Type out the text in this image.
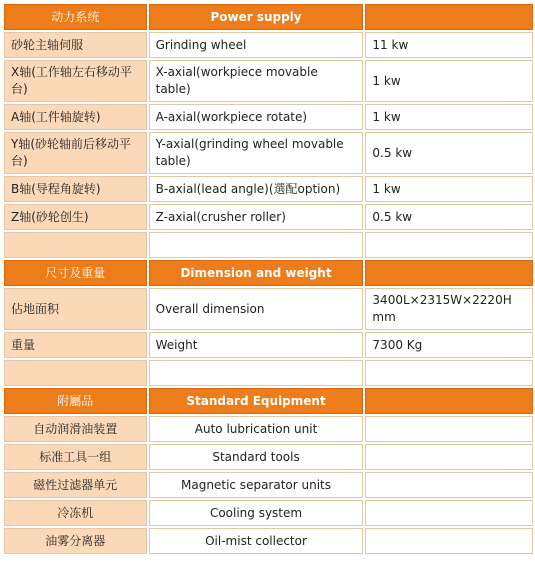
动力系统	Power supply	
砂轮主轴伺服	Grinding wheel	11 kw
X轴(工作轴左右移动平台)	X-axial(workpiece movable table)	1 kw
A轴(工件轴旋转)	A-axial(workpiece rotate)	1 kw
Y轴(砂轮轴前后移动平台)	Y-axial(grinding wheel movable table)	0.5 kw
B轴(导程角旋转)	B-axial(lead angle)(選配option)	1 kw
Z轴(砂轮创生)	Z-axial(crusher roller)	0.5 kw

尺寸及重量	Dimension and weight	
佔地面积	Overall dimension	3400L×2315W×2220H mm
重量	Weight	7300 Kg

附屬品	Standard Equipment	
自动润滑油装置	Auto lubrication unit	
标准工具一组	Standard tools	
磁性过滤器单元	Magnetic separator units	
冷冻机	Cooling system	
油雾分离器	Oil-mist collector	
